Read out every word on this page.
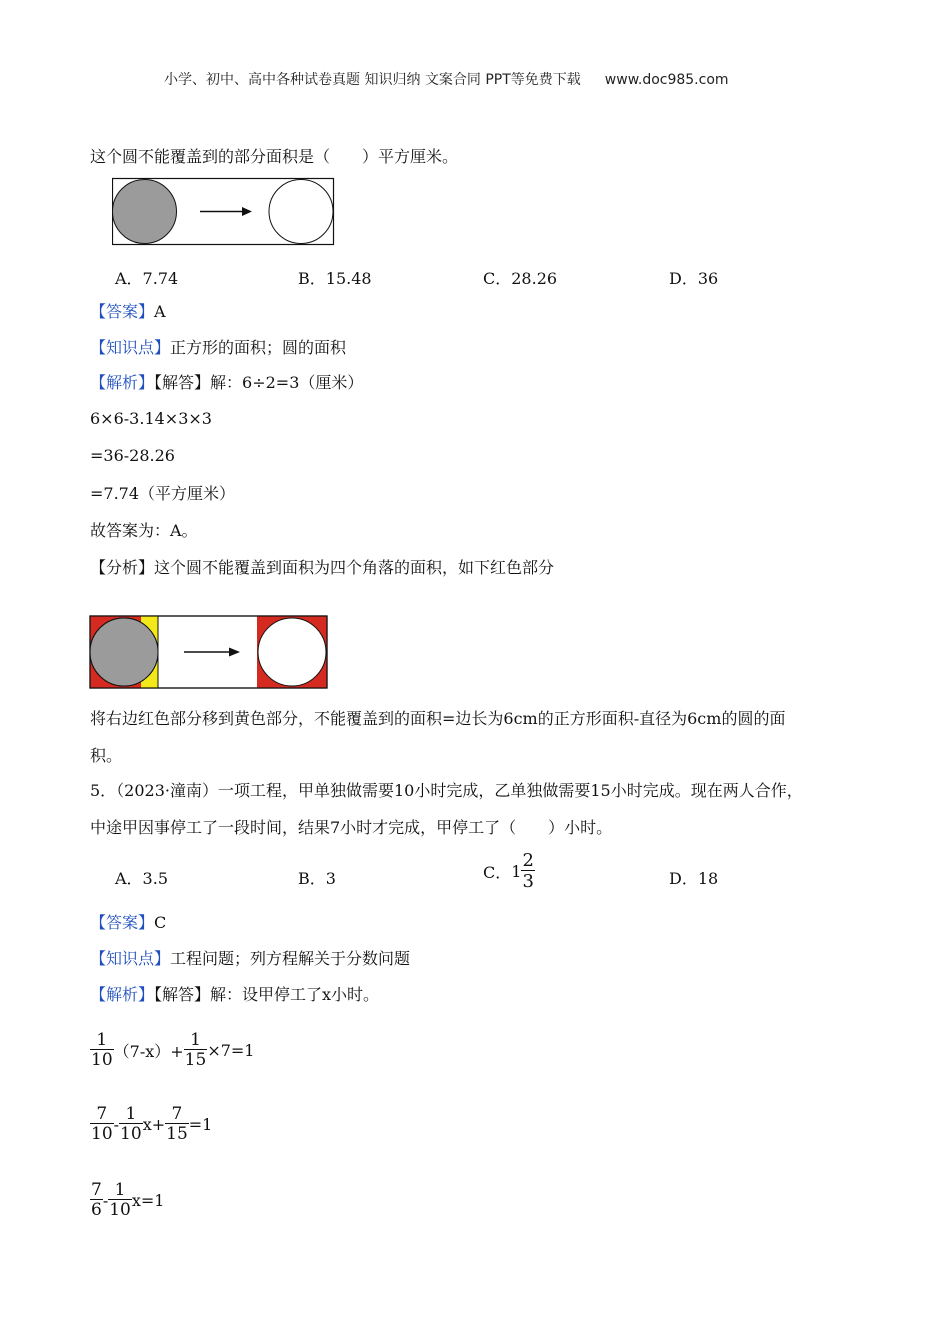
小学、初中、高中各种试卷真题 知识归纳 文案合同 PPT等免费下载 www.doc985.com
这个圆不能覆盖到的部分面积是（　　）平方厘米。
A．7.74	B．15.48	C．28.26	D．36
【答案】A
【知识点】正方形的面积；圆的面积
【解析】【解答】解：6÷2=3（厘米）
6×6-3.14×3×3
=36-28.26
=7.74（平方厘米）
故答案为：A。
【分析】这个圆不能覆盖到面积为四个角落的面积，如下红色部分
将右边红色部分移到黄色部分，不能覆盖到的面积=边长为6cm的正方形面积-直径为6cm的圆的面
积。
5．（2023·潼南）一项工程，甲单独做需要10小时完成，乙单独做需要15小时完成。现在两人合作，
中途甲因事停工了一段时间，结果7小时才完成，甲停工了（　　）小时。
A．3.5	B．3	C．$1 \frac{2}{3}$	D．18
【答案】C
【知识点】工程问题；列方程解关于分数问题
【解析】【解答】解：设甲停工了x小时。
$\frac{1}{10} (7-x)+ \frac{1}{15} \times 7=1$
$\frac{7}{10} - \frac{1}{10} x+ \frac{7}{15} =1$
$\frac{7}{6} - \frac{1}{10} x=1$
